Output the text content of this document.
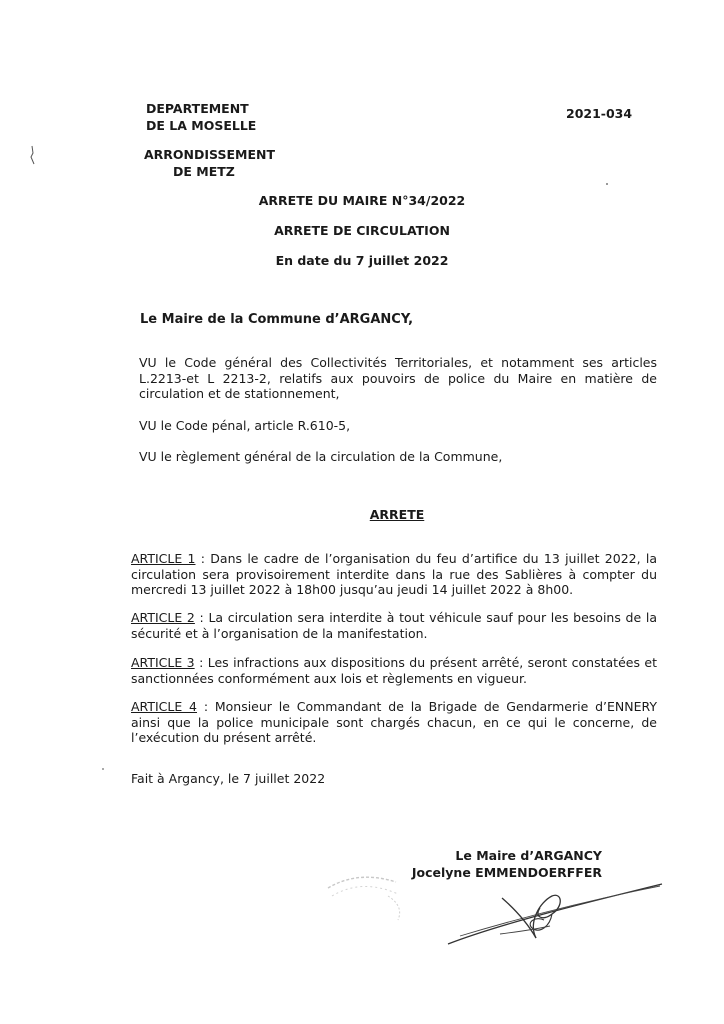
DEPARTEMENT
DE LA MOSELLE
ARRONDISSEMENT
DE METZ
2021-034
ARRETE DU MAIRE N°34/2022
ARRETE DE CIRCULATION
En date du 7 juillet 2022
Le Maire de la Commune d’ARGANCY,
VU le Code général des Collectivités Territoriales, et notamment ses articles L.2213-et L 2213-2, relatifs aux pouvoirs de police du Maire en matière de circulation et de stationnement,
VU le Code pénal, article R.610-5,
VU le règlement général de la circulation de la Commune,
ARRETE
ARTICLE 1 : Dans le cadre de l’organisation du feu d’artifice du 13 juillet 2022, la circulation sera provisoirement interdite dans la rue des Sablières à compter du mercredi 13 juillet 2022 à 18h00 jusqu’au jeudi 14 juillet 2022 à 8h00.
ARTICLE 2 : La circulation sera interdite à tout véhicule sauf pour les besoins de la sécurité et à l’organisation de la manifestation.
ARTICLE 3 : Les infractions aux dispositions du présent arrêté, seront constatées et sanctionnées conformément aux lois et règlements en vigueur.
ARTICLE 4 : Monsieur le Commandant de la Brigade de Gendarmerie d’ENNERY ainsi que la police municipale sont chargés chacun, en ce qui le concerne, de l’exécution du présent arrêté.
Fait à Argancy, le 7 juillet 2022
Le Maire d’ARGANCY
Jocelyne EMMENDOERFFER
